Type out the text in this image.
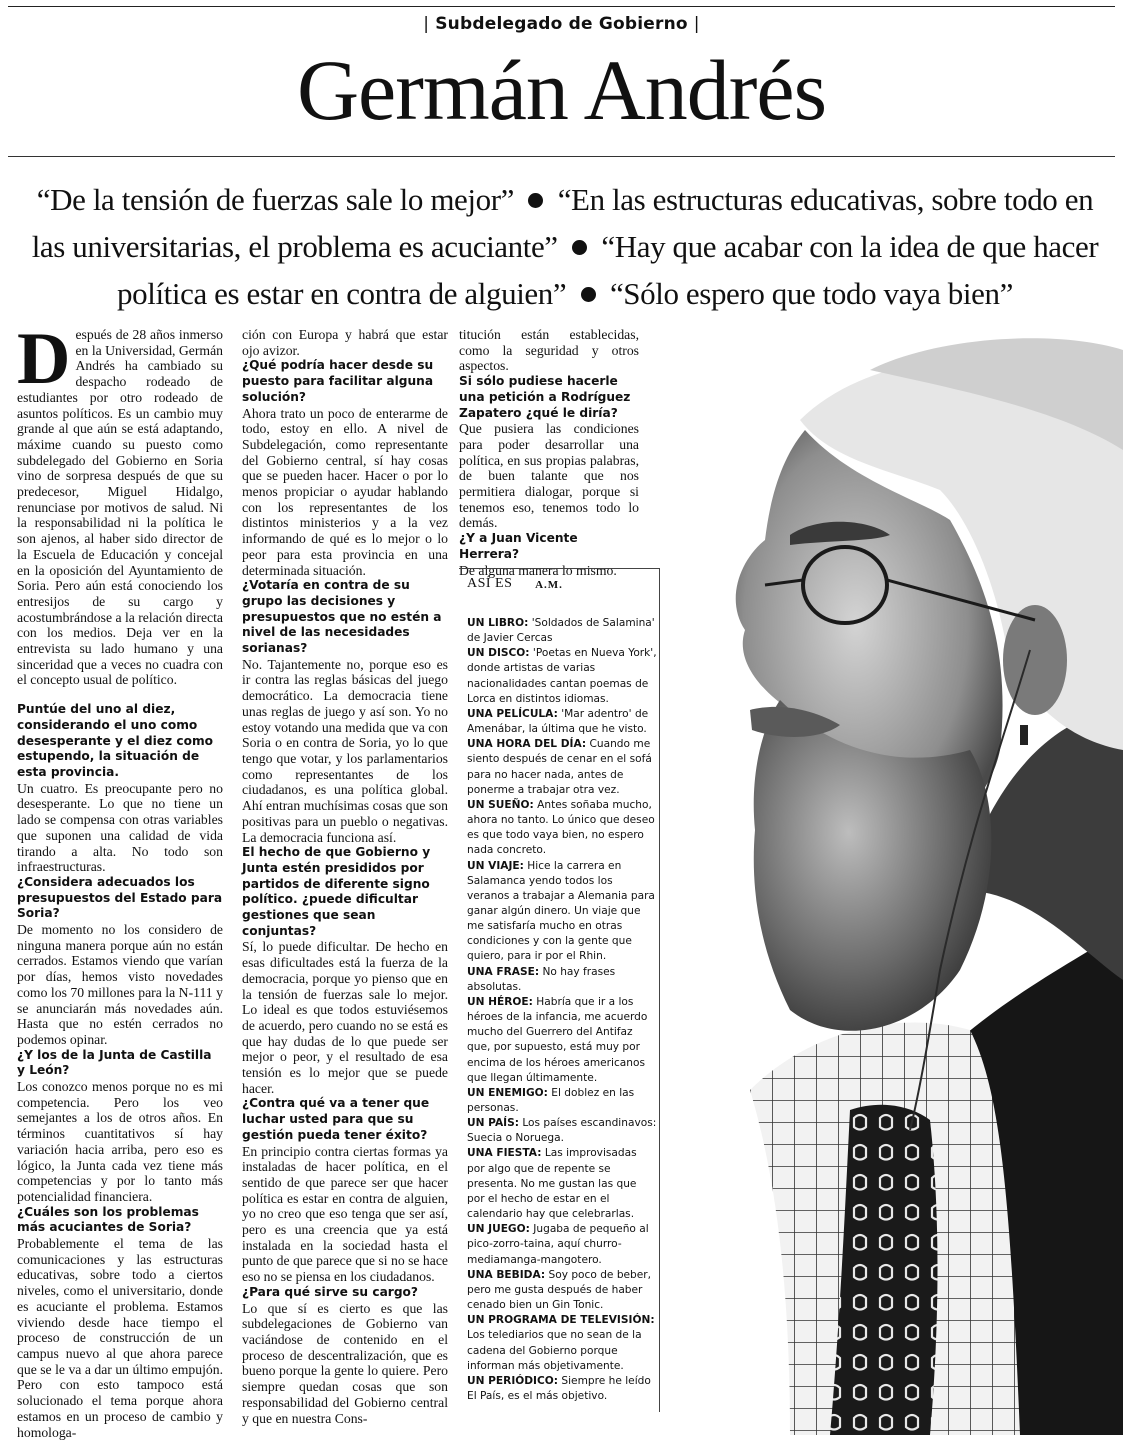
| Subdelegado de Gobierno |
Germán Andrés
“De la tensión de fuerzas sale lo mejor” “En las estructuras educativas, sobre todo en las universitarias, el problema es acuciante” “Hay que acabar con la idea de que hacer política es estar en contra de alguien” “Sólo espero que todo vaya bien”

Después de 28 años inmerso en la Universidad, Germán Andrés ha cambiado su despacho rodeado de estudiantes por otro rodeado de asuntos políticos. Es un cambio muy grande al que aún se está adaptando, máxime cuando su puesto como subdelegado del Gobierno en Soria vino de sorpresa después de que su predecesor, Miguel Hidalgo, renunciase por motivos de salud. Ni la responsabilidad ni la política le son ajenos, al haber sido director de la Escuela de Educación y concejal en la oposición del Ayuntamiento de Soria. Pero aún está conociendo los entresijos de su cargo y acostumbrándose a la relación directa con los medios. Deja ver en la entrevista su lado humano y una sinceridad que a veces no cuadra con el concepto usual de político.

Puntúe del uno al diez, considerando el uno como desesperante y el diez como estupendo, la situación de esta provincia.

Un cuatro. Es preocupante pero no desesperante. Lo que no tiene un lado se compensa con otras variables que suponen una calidad de vida tirando a alta. No todo son infraestructuras.

¿Considera adecuados los presupuestos del Estado para Soria?

De momento no los considero de ninguna manera porque aún no están cerrados. Estamos viendo que varían por días, hemos visto novedades como los 70 millones para la N-111 y se anunciarán más novedades aún. Hasta que no estén cerrados no podemos opinar.

¿Y los de la Junta de Castilla y León?

Los conozco menos porque no es mi competencia. Pero los veo semejantes a los de otros años. En términos cuantitativos sí hay variación hacia arriba, pero eso es lógico, la Junta cada vez tiene más competencias y por lo tanto más potencialidad financiera.

¿Cuáles son los problemas más acuciantes de Soria?

Probablemente el tema de las comunicaciones y las estructuras educativas, sobre todo a ciertos niveles, como el universitario, donde es acuciante el problema. Estamos viviendo desde hace tiempo el proceso de construcción de un campus nuevo al que ahora parece que se le va a dar un último empujón. Pero con esto tampoco está solucionado el tema porque ahora estamos en un proceso de cambio y homologa-

ción con Europa y habrá que estar ojo avizor.

¿Qué podría hacer desde su puesto para facilitar alguna solución?

Ahora trato un poco de enterarme de todo, estoy en ello. A nivel de Subdelegación, como representante del Gobierno central, sí hay cosas que se pueden hacer. Hacer o por lo menos propiciar o ayudar hablando con los representantes de los distintos ministerios y a la vez informando de qué es lo mejor o lo peor para esta provincia en una determinada situación.

¿Votaría en contra de su grupo las decisiones y presupuestos que no estén a nivel de las necesidades sorianas?

No. Tajantemente no, porque eso es ir contra las reglas básicas del juego democrático. La democracia tiene unas reglas de juego y así son. Yo no estoy votando una medida que va con Soria o en contra de Soria, yo lo que tengo que votar, y los parlamentarios como representantes de los ciudadanos, es una política global. Ahí entran muchísimas cosas que son positivas para un pueblo o negativas. La democracia funciona así.

El hecho de que Gobierno y Junta estén presididos por partidos de diferente signo político. ¿puede dificultar gestiones que sean conjuntas?

Sí, lo puede dificultar. De hecho en esas dificultades está la fuerza de la democracia, porque yo pienso que en la tensión de fuerzas sale lo mejor. Lo ideal es que todos estuviésemos de acuerdo, pero cuando no se está es que hay dudas de lo que puede ser mejor o peor, y el resultado de esa tensión es lo mejor que se puede hacer.

¿Contra qué va a tener que luchar usted para que su gestión pueda tener éxito?

En principio contra ciertas formas ya instaladas de hacer política, en el sentido de que parece ser que hacer política es estar en contra de alguien, yo no creo que eso tenga que ser así, pero es una creencia que ya está instalada en la sociedad hasta el punto de que parece que si no se hace eso no se piensa en los ciudadanos.

¿Para qué sirve su cargo?

Lo que sí es cierto es que las subdelegaciones de Gobierno van vaciándose de contenido en el proceso de descentralización, que es bueno porque la gente lo quiere. Pero siempre quedan cosas que son responsabilidad del Gobierno central y que en nuestra Cons-

titución están establecidas, como la seguridad y otros aspectos.

Si sólo pudiese hacerle una petición a Rodríguez Zapatero ¿qué le diría?

Que pusiera las condiciones para poder desarrollar una política, en sus propias palabras, de buen talante que nos permitiera dialogar, porque si tenemos eso, tenemos todo lo demás.

¿Y a Juan Vicente Herrera?

De alguna manera lo mismo.

A.M.

ASÍ ES

UN LIBRO: 'Soldados de Salamina' de Javier Cercas

UN DISCO: 'Poetas en Nueva York', donde artistas de varias nacionalidades cantan poemas de Lorca en distintos idiomas.

UNA PELÍCULA: 'Mar adentro' de Amenábar, la última que he visto.

UNA HORA DEL DÍA: Cuando me siento después de cenar en el sofá para no hacer nada, antes de ponerme a trabajar otra vez.

UN SUEÑO: Antes soñaba mucho, ahora no tanto. Lo único que deseo es que todo vaya bien, no espero nada concreto.

UN VIAJE: Hice la carrera en Salamanca yendo todos los veranos a trabajar a Alemania para ganar algún dinero. Un viaje que me satisfaría mucho en otras condiciones y con la gente que quiero, para ir por el Rhin.

UNA FRASE: No hay frases absolutas.

UN HÉROE: Habría que ir a los héroes de la infancia, me acuerdo mucho del Guerrero del Antifaz que, por supuesto, está muy por encima de los héroes americanos que llegan últimamente.

UN ENEMIGO: El doblez en las personas.

UN PAÍS: Los países escandinavos: Suecia o Noruega.

UNA FIESTA: Las improvisadas por algo que de repente se presenta. No me gustan las que por el hecho de estar en el calendario hay que celebrarlas.

UN JUEGO: Jugaba de pequeño al pico-zorro-taina, aquí churro-mediamanga-mangotero.

UNA BEBIDA: Soy poco de beber, pero me gusta después de haber cenado bien un Gin Tonic.

UN PROGRAMA DE TELEVISIÓN: Los telediarios que no sean de la cadena del Gobierno porque informan más objetivamente.

UN PERIÓDICO: Siempre he leído El País, es el más objetivo.
